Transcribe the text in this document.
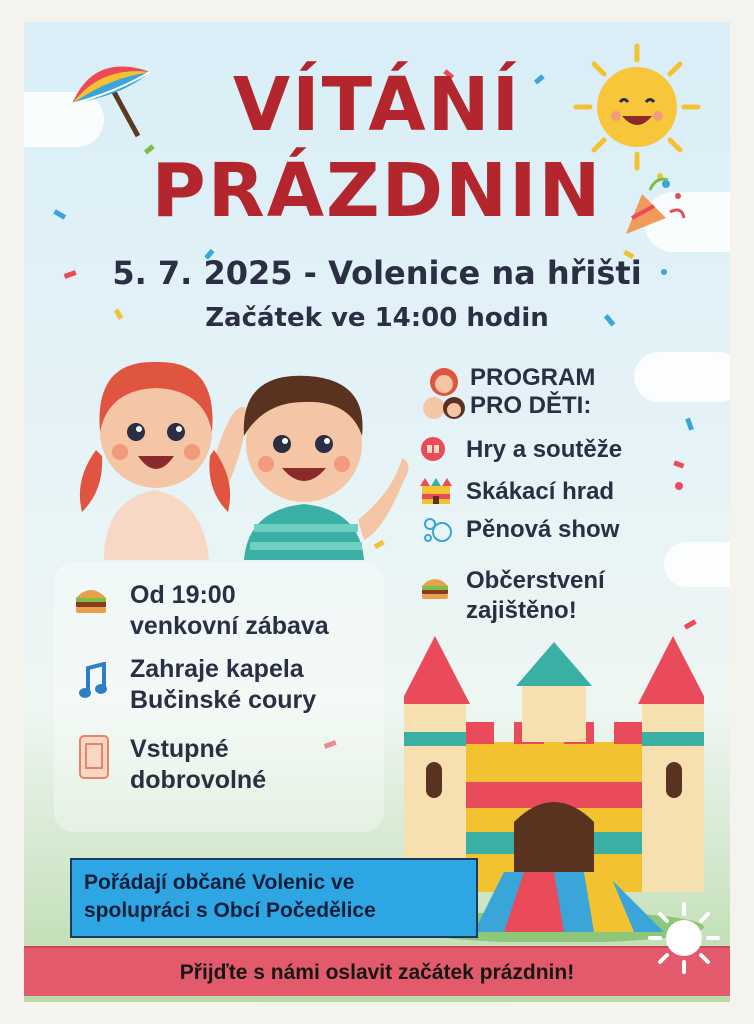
VÍTÁNÍ
PRÁZDNIN
5. 7. 2025 - Volenice na hřišti
Začátek ve 14:00 hodin
PROGRAM
PRO DĚTI:
Hry a soutěže
Skákací hrad
Pěnová show
Občerstvení
zajištěno!
Od 19:00
venkovní zábava
Zahraje kapela
Bučinské coury
Vstupné
dobrovolné
Pořádají občané Volenic ve
spolupráci s Obcí Počedělice
Přijďte s námi oslavit začátek prázdnin!
